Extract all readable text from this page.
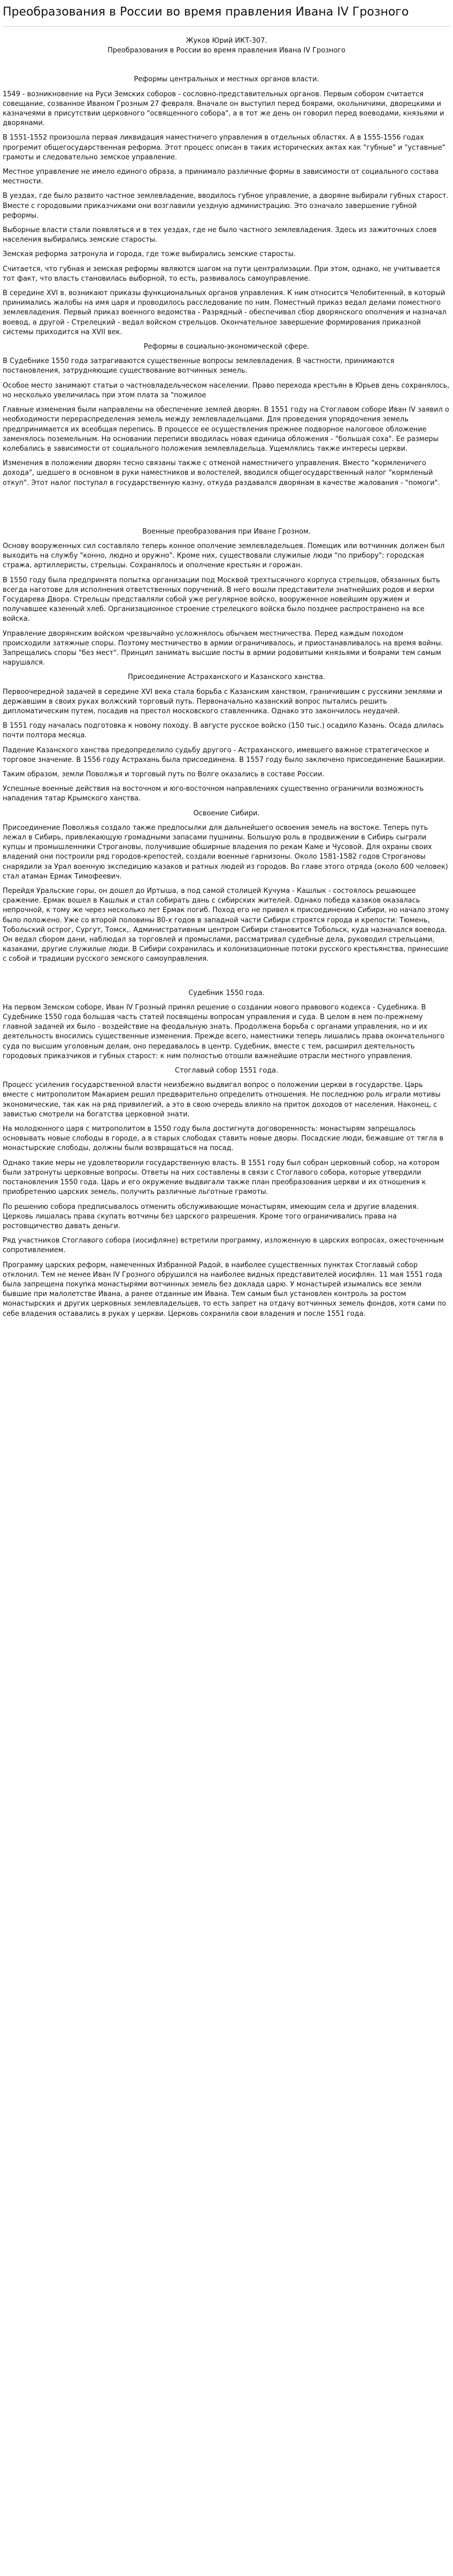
Преобразования в России во время правления Ивана IV Грозного
Жуков Юрий ИКТ-307.
Преобразования в России во время правления Ивана IV Грозного
Реформы центральных и местных органов власти.

1549 - возникновение на Руси Земских соборов - сословно-представительных органов. Первым собором считается совещание, созванное Иваном Грозным 27 февраля. Вначале он выступил перед боярами, окольничими, дворецкими и казначеями в присутствии церковного "освященного собора", а в тот же день он говорил перед воеводами, князьями и дворянами.

В 1551-1552 произошла первая ликвидация наместничего управления в отдельных областях. А в 1555-1556 годах прогремит общегосударственная реформа. Этот процесс описан в таких исторических актах как "губные" и "уставные" грамоты и следовательно земское управление.

Местное управление не имело единого образа, а принимало различные формы в зависимости от социального состава местности.

В уездах, где было развито частное землевладение, вводилось губное управление, а дворяне выбирали губных старост. Вместе с городовыми приказчиками они возглавили уездную администрацию. Это означало завершение губной реформы.

Выборные власти стали появляться и в тех уездах, где не было частного землевладения. Здесь из зажиточных слоев населения выбирались земские старосты.

Земская реформа затронула и города, где тоже выбирались земские старосты.

Считается, что губная и земская реформы являются шагом на пути централизации. При этом, однако, не учитывается тот факт, что власть становилась выборной, то есть, развивалось самоуправление.

В середине XVI в. возникают приказы функциональных органов управления. К ним относится Челобитенный, в который принимались жалобы на имя царя и проводилось расследование по ним. Поместный приказ ведал делами поместного землевладения. Первый приказ военного ведомства - Разрядный - обеспечивал сбор дворянского ополчения и назначал воевод, а другой - Стрелецкий - ведал войском стрельцов. Окончательное завершение формирования приказной системы приходится на XVII век.

Реформы в социально-экономической сфере.

В Судебнике 1550 года затрагиваются существенные вопросы землевладения. В частности, принимаются постановления, затрудняющие существование вотчинных земель.

Особое место занимают статьи о частновладельческом населении. Право перехода крестьян в Юрьев день сохранялось, но несколько увеличилась при этом плата за "пожилое

Главные изменения были направлены на обеспечение землей дворян. В 1551 году на Стоглавом соборе Иван IV заявил о необходимости перераспределения земель между землевладельцами. Для проведения упорядочения земель предпринимается их всеобщая перепись. В процессе ее осуществления прежнее подворное налоговое обложение заменялось поземельным. На основании переписи вводилась новая единица обложения - "большая соха". Ее размеры колебались в зависимости от социального положения землевладельца. Ущемлялись также интересы церкви.

Изменения в положении дворян тесно связаны также с отменой наместничего управления. Вместо "кормленичего дохода", шедшего в основном в руки наместников и волостелей, вводился общегосударственный налог "кормленый откуп". Этот налог поступал в государственную казну, откуда раздавался дворянам в качестве жалования - "помоги".

Военные преобразования при Иване Грозном.

Основу вооруженных сил составляло теперь конное ополчение землевладельцев. Помещик или вотчинник должен был выходить на службу "конно, людно и оружно". Кроме них, существовали служилые люди "по прибору": городская стража, артиллеристы, стрельцы. Сохранялось и ополчение крестьян и горожан.

В 1550 году была предпринята попытка организации под Москвой трехтысячного корпуса стрельцов, обязанных быть всегда наготове для исполнения ответственных поручений. В него вошли представители знатнейших родов и верхи Государева Двора. Стрельцы представляли собой уже регулярное войско, вооруженное новейшим оружием и получавшее казенный хлеб. Организационное строение стрелецкого войска было позднее распространено на все войска.

Управление дворянским войском чрезвычайно усложнялось обычаем местничества. Перед каждым походом происходили затяжные споры. Поэтому местничество в армии ограничивалось, и приостанавливалось на время войны. Запрещались споры "без мест". Принцип занимать высшие посты в армии родовитыми князьями и боярами тем самым нарушался.

Присоединение Астраханского и Казанского ханства.

Первоочередной задачей в середине XVI века стала борьба с Казанским ханством, граничившим с русскими землями и державшим в своих руках волжский торговый путь. Первоначально казанский вопрос пытались решить дипломатическим путем, посадив на престол московского ставленника. Однако это закончилось неудачей.

В 1551 году началась подготовка к новому походу. В августе русское войско (150 тыс.) осадило Казань. Осада длилась почти полтора месяца.

Падение Казанского ханства предопределило судьбу другого - Астраханского, имевшего важное стратегическое и торговое значение. В 1556 году Астрахань была присоединена. В 1557 году было заключено присоединение Башкирии.

Таким образом, земли Поволжья и торговый путь по Волге оказались в составе России.

Успешные военные действия на восточном и юго-восточном направлениях существенно ограничили возможность нападения татар Крымского ханства.

Освоение Сибири.

Присоединение Поволжья создало также предпосылки для дальнейшего освоения земель на востоке. Теперь путь лежал в Сибирь, привлекающую громадными запасами пушнины. Большую роль в продвижении в Сибирь сыграли купцы и промышленники Строгановы, получившие обширные владения по рекам Каме и Чусовой. Для охраны своих владений они построили ряд городов-крепостей, создали военные гарнизоны. Около 1581-1582 годов Строгановы снарядили за Урал военную экспедицию казаков и ратных людей из городов. Во главе этого отряда (около 600 человек) стал атаман Ермак Тимофеевич.

Перейдя Уральские горы, он дошел до Иртыша, а под самой столицей Кучума - Кашлык - состоялось решающее сражение. Ермак вошел в Кашлык и стал собирать дань с сибирских жителей. Однако победа казаков оказалась непрочной, к тому же через несколько лет Ермак погиб. Поход его не привел к присоединению Сибири, но начало этому было положено. Уже со второй половины 80-х годов в западной части Сибири строятся города и крепости: Тюмень, Тобольский острог, Сургут, Томск,. Административным центром Сибири становится Тобольск, куда назначался воевода. Он ведал сбором дани, наблюдал за торговлей и промыслами, рассматривал судебные дела, руководил стрельцами, казаками, другие служилые люди. В Сибири сохранилась и колонизационные потоки русского крестьянства, принесшие с собой и традиции русского земского самоуправления.

Судебник 1550 года.

На первом Земском соборе, Иван IV Грозный принял решение о создании нового правового кодекса - Судебника. В Судебнике 1550 года большая часть статей посвящены вопросам управления и суда. В целом в нем по-прежнему главной задачей их было - воздействие на феодальную знать. Продолжена борьба с органами управления, но и их деятельность вносились существенные изменения. Прежде всего, наместники теперь лишались права окончательного суда по высшим уголовным делам, оно передавалось в центр. Судебник, вместе с тем, расширил деятельность городовых приказчиков и губных старост: к ним полностью отошли важнейшие отрасли местного управления.

Стоглавый собор 1551 года.

Процесс усиления государственной власти неизбежно выдвигал вопрос о положении церкви в государстве. Царь вместе с митрополитом Макарием решил предварительно определить отношения. Не последнюю роль играли мотивы экономические, так как на ряд привилегий, а это в свою очередь влияло на приток доходов от населения. Наконец, с завистью смотрели на богатства церковной знати.

На молодюнного царя с митрополитом в 1550 году была достигнута договоренность: монастырям запрещалось основывать новые слободы в городе, а в старых слободах ставить новые дворы. Посадские люди, бежавшие от тягла в монастырские слободы, должны были возвращаться на посад.

Однако такие меры не удовлетворили государственную власть. В 1551 году был собран церковный собор, на котором были затронуты церковные вопросы. Ответы на них составлены в связи с Стоглавого собора, которые утвердили постановления 1550 года. Царь и его окружение выдвигали также план преобразования церкви и их отношения к приобретению царских земель, получить различные льготные грамоты.

По решению собора предписывалось отменить обслуживающие монастырям, имеющим села и другие владения. Церковь лишалась права скупать вотчины без царского разрешения. Кроме того ограничивались права на ростовщичество давать деньги.

Ряд участников Стоглавого собора (иосифляне) встретили программу, изложенную в царских вопросах, ожесточенным сопротивлением.

Программу царских реформ, намеченных Избранной Радой, в наиболее существенных пунктах Стоглавый собор отклонил. Тем не менее Иван IV Грозного обрушился на наиболее видных представителей иосифлян. 11 мая 1551 года была запрещена покупка монастырями вотчинных земель без доклада царю. У монастырей изымались все земли бывшие при малолетстве Ивана, а ранее отданные им Ивана. Тем самым был установлен контроль за ростом монастырских и других церковных землевладельцев, то есть запрет на отдачу вотчинных земель фондов, хотя сами по себе владения оставались в руках у церкви. Церковь сохранила свои владения и после 1551 года.
